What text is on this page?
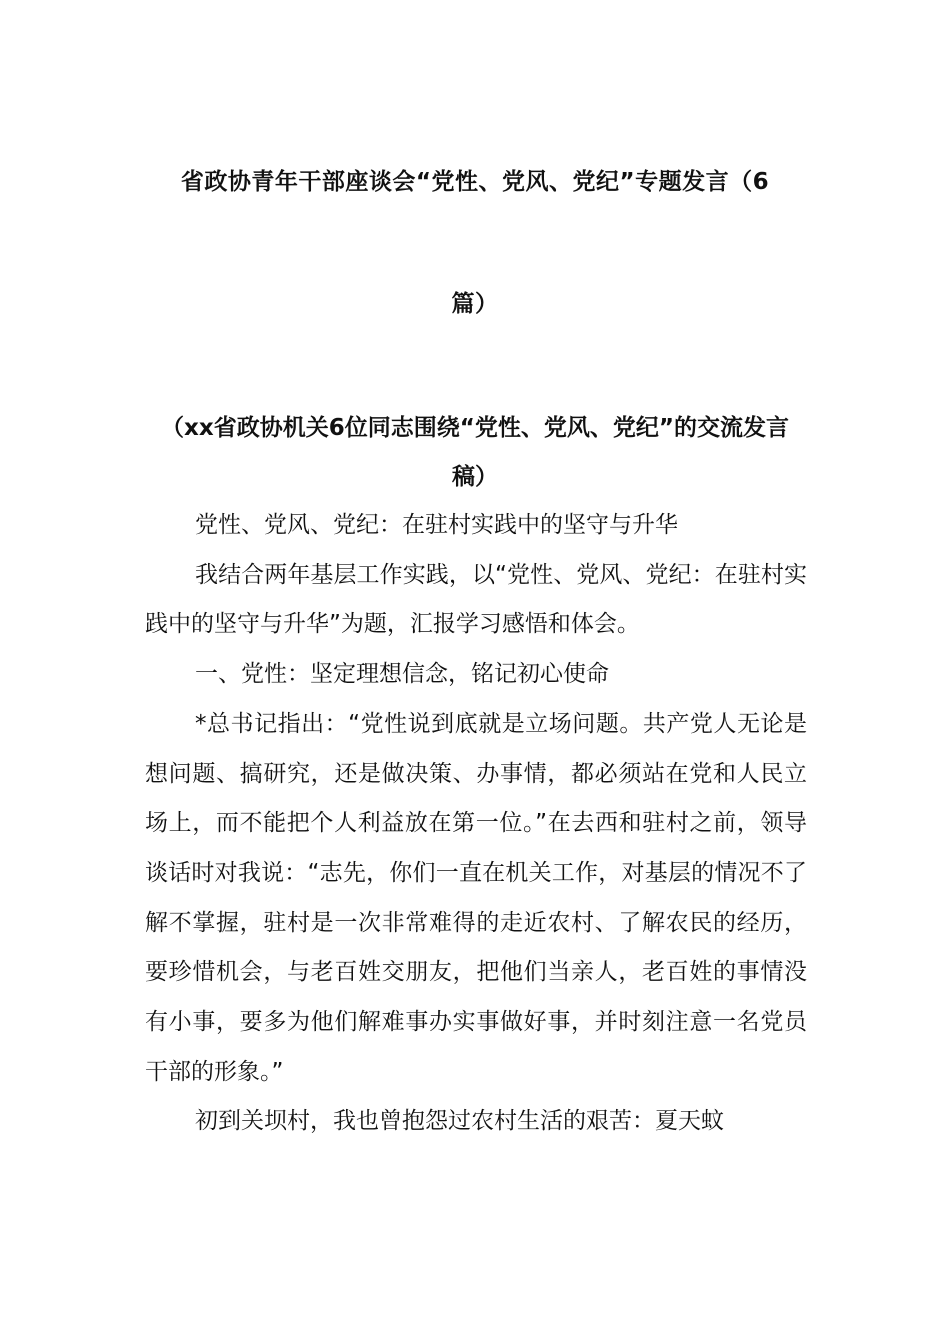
省政协青年干部座谈会“党性、党风、党纪”专题发言（6
篇）
（xx省政协机关6位同志围绕“党性、党风、党纪”的交流发言稿）

党性、党风、党纪：在驻村实践中的坚守与升华

我结合两年基层工作实践，以“党性、党风、党纪：在驻村实践中的坚守与升华”为题，汇报学习感悟和体会。

一、党性：坚定理想信念，铭记初心使命

*总书记指出：“党性说到底就是立场问题。共产党人无论是想问题、搞研究，还是做决策、办事情，都必须站在党和人民立场上，而不能把个人利益放在第一位。”在去西和驻村之前，领导谈话时对我说：“志先，你们一直在机关工作，对基层的情况不了解不掌握，驻村是一次非常难得的走近农村、了解农民的经历，要珍惜机会，与老百姓交朋友，把他们当亲人，老百姓的事情没有小事，要多为他们解难事办实事做好事，并时刻注意一名党员干部的形象。”

初到关坝村，我也曾抱怨过农村生活的艰苦：夏天蚊
